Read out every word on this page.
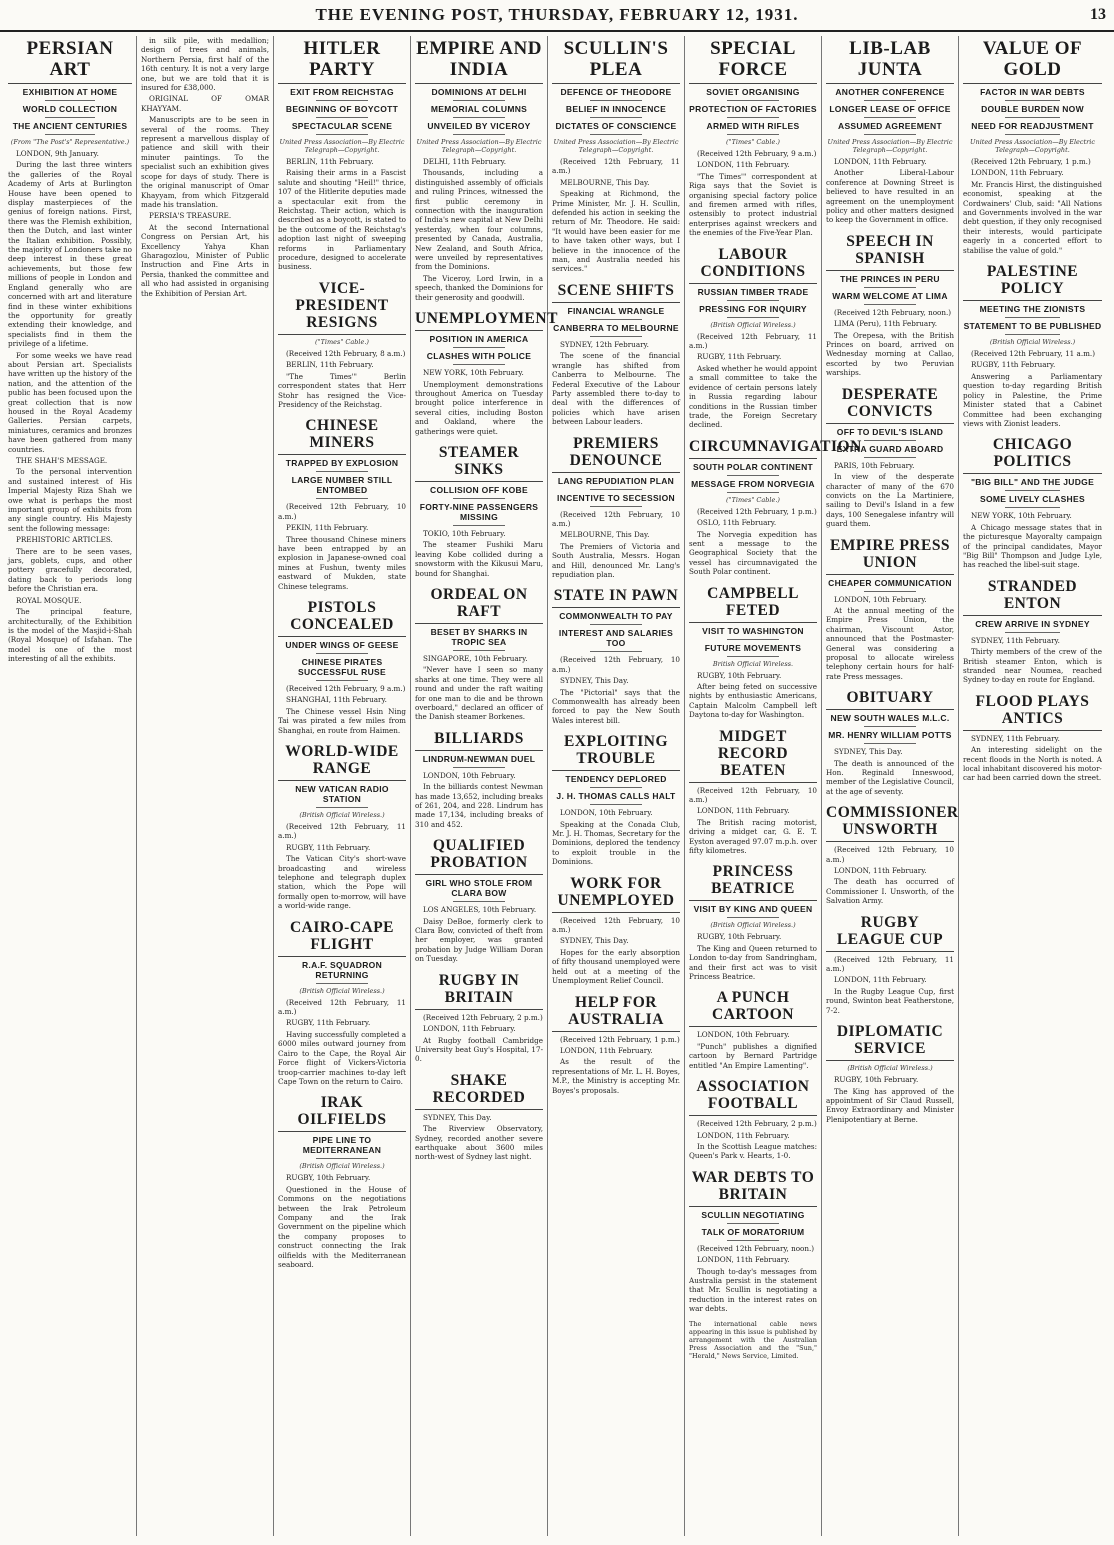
THE EVENING POST, THURSDAY, FEBRUARY 12, 1931.	13
PERSIAN ART
EXHIBITION AT HOME
WORLD COLLECTION
THE ANCIENT CENTURIES
(From "The Post's" Representative.)

LONDON, 9th January.

During the last three winters the galleries of the Royal Academy of Arts at Burlington House have been opened to display masterpieces of the genius of foreign nations. First, there was the Flemish exhibition, then the Dutch, and last winter the Italian exhibition. Possibly, the majority of Londoners take no deep interest in these great achievements, but those few millions of people in London and England generally who are concerned with art and literature find in these winter exhibitions the opportunity for greatly extending their knowledge, and specialists find in them the privilege of a lifetime.

For some weeks we have read about Persian art. Specialists have written up the history of the nation, and the attention of the public has been focused upon the great collection that is now housed in the Royal Academy Galleries. Persian carpets, miniatures, ceramics and bronzes have been gathered from many countries.

THE SHAH'S MESSAGE.

To the personal intervention and sustained interest of His Imperial Majesty Riza Shah we owe what is perhaps the most important group of exhibits from any single country. His Majesty sent the following message:

PREHISTORIC ARTICLES.

There are to be seen vases, jars, goblets, cups, and other pottery gracefully decorated, dating back to periods long before the Christian era.

ROYAL MOSQUE.

The principal feature, architecturally, of the Exhibition is the model of the Masjid-i-Shah (Royal Mosque) of Isfahan. The model is one of the most interesting of all the exhibits.

in silk pile, with medallion; design of trees and animals, Northern Persia, first half of the 16th century. It is not a very large one, but we are told that it is insured for £38,000.

ORIGINAL OF OMAR KHAYYAM.

Manuscripts are to be seen in several of the rooms. They represent a marvellous display of patience and skill with their minuter paintings. To the specialist such an exhibition gives scope for days of study. There is the original manuscript of Omar Khayyam, from which Fitzgerald made his translation.

PERSIA'S TREASURE.

At the second International Congress on Persian Art, his Excellency Yahya Khan Gharagozlou, Minister of Public Instruction and Fine Arts in Persia, thanked the committee and all who had assisted in organising the Exhibition of Persian Art.

HITLER PARTY
EXIT FROM REICHSTAG
BEGINNING OF BOYCOTT
SPECTACULAR SCENE
United Press Association—By Electric Telegraph—Copyright.

BERLIN, 11th February.

Raising their arms in a Fascist salute and shouting "Heil!" thrice, 107 of the Hitlerite deputies made a spectacular exit from the Reichstag. Their action, which is described as a boycott, is stated to be the outcome of the Reichstag's adoption last night of sweeping reforms in Parliamentary procedure, designed to accelerate business.

VICE-PRESIDENT RESIGNS
("Times" Cable.)

(Received 12th February, 8 a.m.)

BERLIN, 11th February.

"The Times'" Berlin correspondent states that Herr Stohr has resigned the Vice-Presidency of the Reichstag.

CHINESE MINERS
TRAPPED BY EXPLOSION
LARGE NUMBER STILL ENTOMBED

(Received 12th February, 10 a.m.)

PEKIN, 11th February.

Three thousand Chinese miners have been entrapped by an explosion in Japanese-owned coal mines at Fushun, twenty miles eastward of Mukden, state Chinese telegrams.

PISTOLS CONCEALED
UNDER WINGS OF GEESE
CHINESE PIRATES SUCCESSFUL RUSE

(Received 12th February, 9 a.m.)

SHANGHAI, 11th February.

The Chinese vessel Hsin Ning Tai was pirated a few miles from Shanghai, en route from Haimen.

WORLD-WIDE RANGE
NEW VATICAN RADIO STATION
(British Official Wireless.)

(Received 12th February, 11 a.m.)

RUGBY, 11th February.

The Vatican City's short-wave broadcasting and wireless telephone and telegraph duplex station, which the Pope will formally open to-morrow, will have a world-wide range.

CAIRO-CAPE FLIGHT
R.A.F. SQUADRON RETURNING
(British Official Wireless.)

(Received 12th February, 11 a.m.)

RUGBY, 11th February.

Having successfully completed a 6000 miles outward journey from Cairo to the Cape, the Royal Air Force flight of Vickers-Victoria troop-carrier machines to-day left Cape Town on the return to Cairo.

IRAK OILFIELDS
PIPE LINE TO MEDITERRANEAN
(British Official Wireless.)

RUGBY, 10th February.

Questioned in the House of Commons on the negotiations between the Irak Petroleum Company and the Irak Government on the pipeline which the company proposes to construct connecting the Irak oilfields with the Mediterranean seaboard.

EMPIRE AND INDIA
DOMINIONS AT DELHI
MEMORIAL COLUMNS
UNVEILED BY VICEROY
United Press Association—By Electric Telegraph—Copyright.

DELHI, 11th February.

Thousands, including a distinguished assembly of officials and ruling Princes, witnessed the first public ceremony in connection with the inauguration of India's new capital at New Delhi yesterday, when four columns, presented by Canada, Australia, New Zealand, and South Africa, were unveiled by representatives from the Dominions.

The Viceroy, Lord Irwin, in a speech, thanked the Dominions for their generosity and goodwill.

UNEMPLOYMENT
POSITION IN AMERICA
CLASHES WITH POLICE

NEW YORK, 10th February.

Unemployment demonstrations throughout America on Tuesday brought police interference in several cities, including Boston and Oakland, where the gatherings were quiet.

STEAMER SINKS
COLLISION OFF KOBE
FORTY-NINE PASSENGERS MISSING

TOKIO, 10th February.

The steamer Fushiki Maru leaving Kobe collided during a snowstorm with the Kikusui Maru, bound for Shanghai.

ORDEAL ON RAFT
BESET BY SHARKS IN TROPIC SEA

SINGAPORE, 10th February.

"Never have I seen so many sharks at one time. They were all round and under the raft waiting for one man to die and be thrown overboard," declared an officer of the Danish steamer Borkenes.

BILLIARDS
LINDRUM-NEWMAN DUEL

LONDON, 10th February.

In the billiards contest Newman has made 13,652, including breaks of 261, 204, and 228. Lindrum has made 17,134, including breaks of 310 and 452.

QUALIFIED PROBATION
GIRL WHO STOLE FROM CLARA BOW

LOS ANGELES, 10th February.

Daisy DeBoe, formerly clerk to Clara Bow, convicted of theft from her employer, was granted probation by Judge William Doran on Tuesday.

RUGBY IN BRITAIN

(Received 12th February, 2 p.m.)

LONDON, 11th February.

At Rugby football Cambridge University beat Guy's Hospital, 17-0.

SHAKE RECORDED

SYDNEY, This Day.

The Riverview Observatory, Sydney, recorded another severe earthquake about 3600 miles north-west of Sydney last night.

SCULLIN'S PLEA
DEFENCE OF THEODORE
BELIEF IN INNOCENCE
DICTATES OF CONSCIENCE
United Press Association—By Electric Telegraph—Copyright.

(Received 12th February, 11 a.m.)

MELBOURNE, This Day.

Speaking at Richmond, the Prime Minister, Mr. J. H. Scullin, defended his action in seeking the return of Mr. Theodore. He said: "It would have been easier for me to have taken other ways, but I believe in the innocence of the man, and Australia needed his services."

SCENE SHIFTS
FINANCIAL WRANGLE
CANBERRA TO MELBOURNE

SYDNEY, 12th February.

The scene of the financial wrangle has shifted from Canberra to Melbourne. The Federal Executive of the Labour Party assembled there to-day to deal with the differences of policies which have arisen between Labour leaders.

PREMIERS DENOUNCE
LANG REPUDIATION PLAN
INCENTIVE TO SECESSION

(Received 12th February, 10 a.m.)

MELBOURNE, This Day.

The Premiers of Victoria and South Australia, Messrs. Hogan and Hill, denounced Mr. Lang's repudiation plan.

STATE IN PAWN
COMMONWEALTH TO PAY
INTEREST AND SALARIES TOO

(Received 12th February, 10 a.m.)

SYDNEY, This Day.

The "Pictorial" says that the Commonwealth has already been forced to pay the New South Wales interest bill.

EXPLOITING TROUBLE
TENDENCY DEPLORED
J. H. THOMAS CALLS HALT

LONDON, 10th February.

Speaking at the Conada Club, Mr. J. H. Thomas, Secretary for the Dominions, deplored the tendency to exploit trouble in the Dominions.

WORK FOR UNEMPLOYED

(Received 12th February, 10 a.m.)

SYDNEY, This Day.

Hopes for the early absorption of fifty thousand unemployed were held out at a meeting of the Unemployment Relief Council.

HELP FOR AUSTRALIA

(Received 12th February, 1 p.m.)

LONDON, 11th February.

As the result of the representations of Mr. L. H. Boyes, M.P., the Ministry is accepting Mr. Boyes's proposals.

SPECIAL FORCE
SOVIET ORGANISING
PROTECTION OF FACTORIES
ARMED WITH RIFLES
("Times" Cable.)

(Received 12th February, 9 a.m.)

LONDON, 11th February.

"The Times'" correspondent at Riga says that the Soviet is organising special factory police and firemen armed with rifles, ostensibly to protect industrial enterprises against wreckers and the enemies of the Five-Year Plan.

LABOUR CONDITIONS
RUSSIAN TIMBER TRADE
PRESSING FOR INQUIRY
(British Official Wireless.)

(Received 12th February, 11 a.m.)

RUGBY, 11th February.

Asked whether he would appoint a small committee to take the evidence of certain persons lately in Russia regarding labour conditions in the Russian timber trade, the Foreign Secretary declined.

CIRCUMNAVIGATION
SOUTH POLAR CONTINENT
MESSAGE FROM NORVEGIA
("Times" Cable.)

(Received 12th February, 1 p.m.)

OSLO, 11th February.

The Norvegia expedition has sent a message to the Geographical Society that the vessel has circumnavigated the South Polar continent.

CAMPBELL FETED
VISIT TO WASHINGTON
FUTURE MOVEMENTS
British Official Wireless.

RUGBY, 10th February.

After being feted on successive nights by enthusiastic Americans, Captain Malcolm Campbell left Daytona to-day for Washington.

MIDGET RECORD BEATEN

(Received 12th February, 10 a.m.)

LONDON, 11th February.

The British racing motorist, driving a midget car, G. E. T. Eyston averaged 97.07 m.p.h. over fifty kilometres.

PRINCESS BEATRICE
VISIT BY KING AND QUEEN
(British Official Wireless.)

RUGBY, 10th February.

The King and Queen returned to London to-day from Sandringham, and their first act was to visit Princess Beatrice.

A PUNCH CARTOON

LONDON, 10th February.

"Punch" publishes a dignified cartoon by Bernard Partridge entitled "An Empire Lamenting".

ASSOCIATION FOOTBALL

(Received 12th February, 2 p.m.)

LONDON, 11th February.

In the Scottish League matches: Queen's Park v. Hearts, 1-0.

WAR DEBTS TO BRITAIN
SCULLIN NEGOTIATING
TALK OF MORATORIUM

(Received 12th February, noon.)

LONDON, 11th February.

Though to-day's messages from Australia persist in the statement that Mr. Scullin is negotiating a reduction in the interest rates on war debts.

The international cable news appearing in this issue is published by arrangement with the Australian Press Association and the "Sun," "Herald," News Service, Limited.
LIB-LAB JUNTA
ANOTHER CONFERENCE
LONGER LEASE OF OFFICE
ASSUMED AGREEMENT
United Press Association—By Electric Telegraph—Copyright.

LONDON, 11th February.

Another Liberal-Labour conference at Downing Street is believed to have resulted in an agreement on the unemployment policy and other matters designed to keep the Government in office.

SPEECH IN SPANISH
THE PRINCES IN PERU
WARM WELCOME AT LIMA

(Received 12th February, noon.)

LIMA (Peru), 11th February.

The Orepesa, with the British Princes on board, arrived on Wednesday morning at Callao, escorted by two Peruvian warships.

DESPERATE CONVICTS
OFF TO DEVIL'S ISLAND
EXTRA GUARD ABOARD

PARIS, 10th February.

In view of the desperate character of many of the 670 convicts on the La Martiniere, sailing to Devil's Island in a few days, 100 Senegalese infantry will guard them.

EMPIRE PRESS UNION
CHEAPER COMMUNICATION

LONDON, 10th February.

At the annual meeting of the Empire Press Union, the chairman, Viscount Astor, announced that the Postmaster-General was considering a proposal to allocate wireless telephony certain hours for half-rate Press messages.

OBITUARY
NEW SOUTH WALES M.L.C.
MR. HENRY WILLIAM POTTS

SYDNEY, This Day.

The death is announced of the Hon. Reginald Inneswood, member of the Legislative Council, at the age of seventy.

COMMISSIONER UNSWORTH

(Received 12th February, 10 a.m.)

LONDON, 11th February.

The death has occurred of Commissioner I. Unsworth, of the Salvation Army.

RUGBY LEAGUE CUP

(Received 12th February, 11 a.m.)

LONDON, 11th February.

In the Rugby League Cup, first round, Swinton beat Featherstone, 7-2.

DIPLOMATIC SERVICE
(British Official Wireless.)

RUGBY, 10th February.

The King has approved of the appointment of Sir Claud Russell, Envoy Extraordinary and Minister Plenipotentiary at Berne.

VALUE OF GOLD
FACTOR IN WAR DEBTS
DOUBLE BURDEN NOW
NEED FOR READJUSTMENT
United Press Association—By Electric Telegraph—Copyright.

(Received 12th February, 1 p.m.)

LONDON, 11th February.

Mr. Francis Hirst, the distinguished economist, speaking at the Cordwainers' Club, said: "All Nations and Governments involved in the war debt question, if they only recognised their interests, would participate eagerly in a concerted effort to stabilise the value of gold."

PALESTINE POLICY
MEETING THE ZIONISTS
STATEMENT TO BE PUBLISHED
(British Official Wireless.)

(Received 12th February, 11 a.m.)

RUGBY, 11th February.

Answering a Parliamentary question to-day regarding British policy in Palestine, the Prime Minister stated that a Cabinet Committee had been exchanging views with Zionist leaders.

CHICAGO POLITICS
"BIG BILL" AND THE JUDGE
SOME LIVELY CLASHES

NEW YORK, 10th February.

A Chicago message states that in the picturesque Mayoralty campaign of the principal candidates, Mayor "Big Bill" Thompson and Judge Lyle, has reached the libel-suit stage.

STRANDED ENTON
CREW ARRIVE IN SYDNEY

SYDNEY, 11th February.

Thirty members of the crew of the British steamer Enton, which is stranded near Noumea, reached Sydney to-day en route for England.

FLOOD PLAYS ANTICS

SYDNEY, 11th February.

An interesting sidelight on the recent floods in the North is noted. A local inhabitant discovered his motor-car had been carried down the street.
